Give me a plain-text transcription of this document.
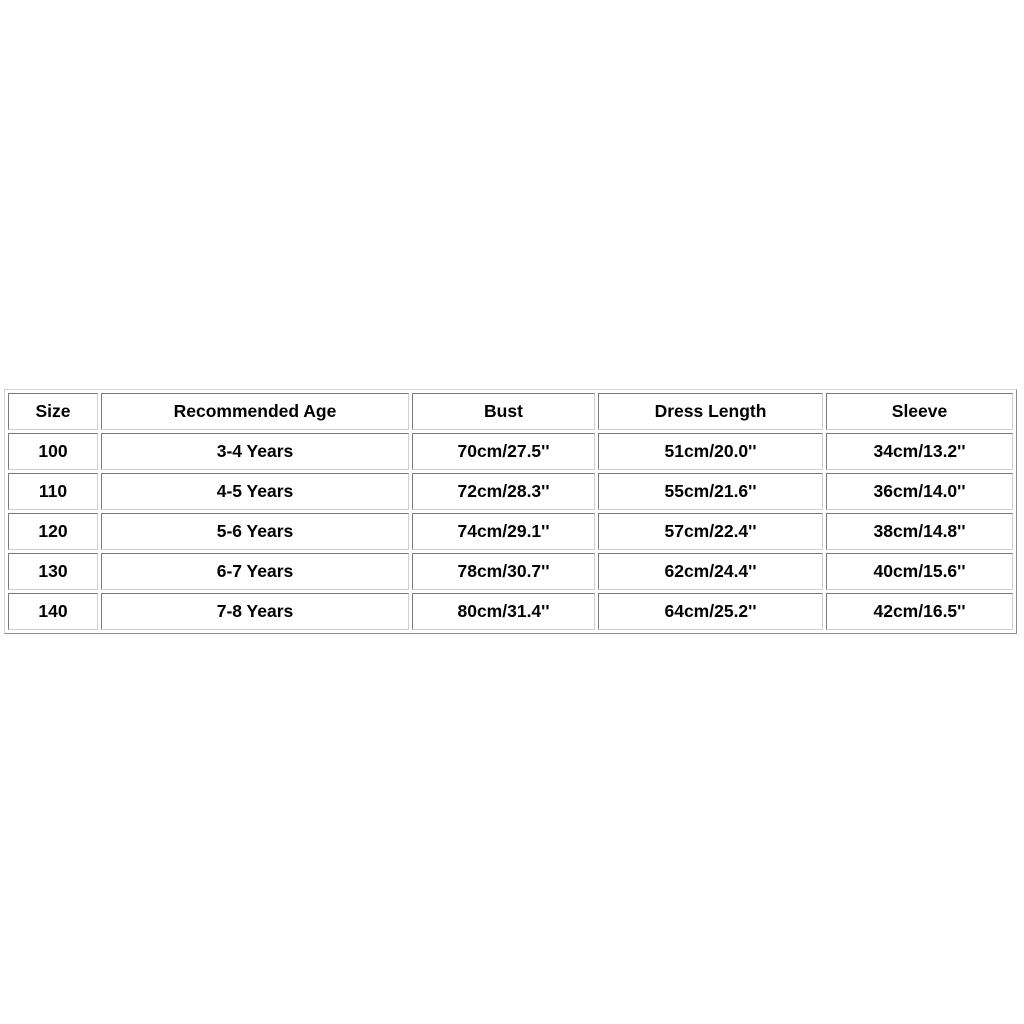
Size	Recommended Age	Bust	Dress Length	Sleeve
100	3-4 Years	70cm/27.5''	51cm/20.0''	34cm/13.2''
110	4-5 Years	72cm/28.3''	55cm/21.6''	36cm/14.0''
120	5-6 Years	74cm/29.1''	57cm/22.4''	38cm/14.8''
130	6-7 Years	78cm/30.7''	62cm/24.4''	40cm/15.6''
140	7-8 Years	80cm/31.4''	64cm/25.2''	42cm/16.5''
